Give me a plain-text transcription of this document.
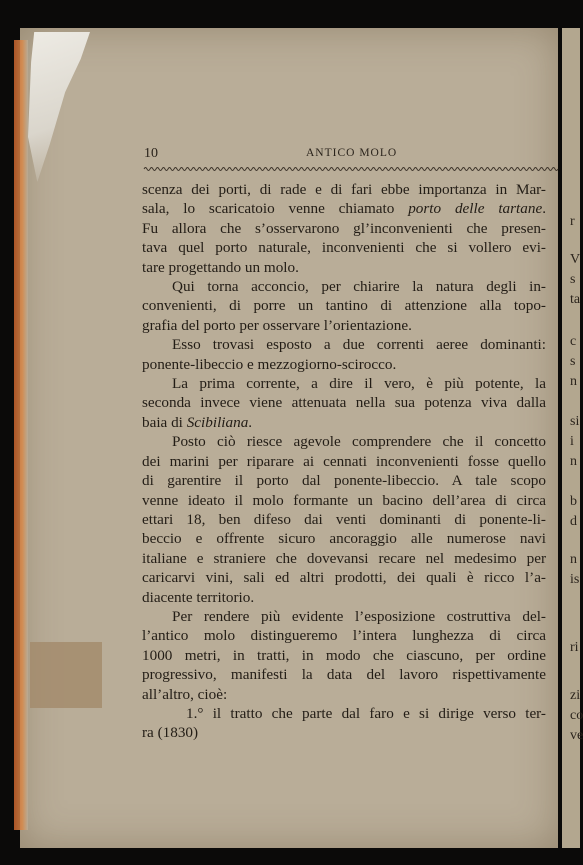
r
V
s
ta
c
s
n
si
i
n
b
d
n
is
ri
zi
co
ve
10	ANTICO MOLO
scenza dei porti, di rade e di fari ebbe importanza in Mar-
sala, lo scaricatoio venne chiamato porto delle tartane.
Fu allora che s’osservarono gl’inconvenienti che presen-
tava quel porto naturale, inconvenienti che si vollero evi-
tare progettando un molo.
Qui torna acconcio, per chiarire la natura degli in-
convenienti, di porre un tantino di attenzione alla topo-
grafia del porto per osservare l’orientazione.
Esso trovasi esposto a due correnti aeree dominanti:
ponente-libeccio e mezzogiorno-scirocco.
La prima corrente, a dire il vero, è più potente, la
seconda invece viene attenuata nella sua potenza viva dalla
baia di Scibiliana.
Posto ciò riesce agevole comprendere che il concetto
dei marini per riparare ai cennati inconvenienti fosse quello
di garentire il porto dal ponente-libeccio. A tale scopo
venne ideato il molo formante un bacino dell’area di circa
ettari 18, ben difeso dai venti dominanti di ponente-li-
beccio e offrente sicuro ancoraggio alle numerose navi
italiane e straniere che dovevansi recare nel medesimo per
caricarvi vini, sali ed altri prodotti, dei quali è ricco l’a-
diacente territorio.
Per rendere più evidente l’esposizione costruttiva del-
l’antico molo distingueremo l’intera lunghezza di circa
1000 metri, in tratti, in modo che ciascuno, per ordine
progressivo, manifesti la data del lavoro rispettivamente
all’altro, cioè:
1.° il tratto che parte dal faro e si dirige verso ter-
ra (1830)
